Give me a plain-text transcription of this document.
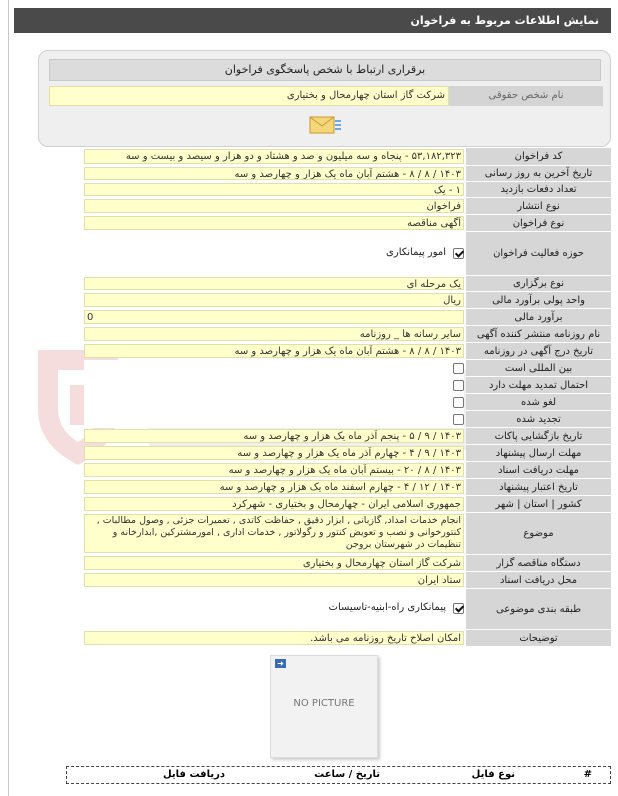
نمایش اطلاعات مربوط به فراخوان
برقراری ارتباط با شخص پاسخگوی فراخوان
نام شخص حقوقی
شرکت گاز استان چهارمحال و بختیاری
کد فراخوان
۵۳,۱۸۲,۳۲۳ - پنجاه و سه میلیون و صد و هشتاد و دو هزار و سیصد و بیست و سه
تاریخ آخرین به روز رسانی
۱۴۰۳ / ۸ / ۸ - هشتم آبان ماه یک هزار و چهارصد و سه
تعداد دفعات بازدید
۱ - یک
نوع انتشار
فراخوان
نوع فراخوان
آگهی مناقصه
حوزه فعالیت فراخوان
امور پیمانکاری
نوع برگزاری
یک مرحله ای
واحد پولی برآورد مالی
ریال
برآورد مالی
0
نام روزنامه منتشر کننده آگهی
سایر رسانه ها _ روزنامه
تاریخ درج آگهی در روزنامه
۱۴۰۳ / ۸ / ۸ - هشتم آبان ماه یک هزار و چهارصد و سه
بین المللی است
احتمال تمدید مهلت دارد
لغو شده
تجدید شده
تاریخ بازگشایی پاکات
۱۴۰۳ / ۹ / ۵ - پنجم آذر ماه یک هزار و چهارصد و سه
مهلت ارسال پیشنهاد
۱۴۰۳ / ۹ / ۴ - چهارم آذر ماه یک هزار و چهارصد و سه
مهلت دریافت اسناد
۱۴۰۳ / ۸ / ۲۰ - بیستم آبان ماه یک هزار و چهارصد و سه
تاریخ اعتبار پیشنهاد
۱۴۰۳ / ۱۲ / ۴ - چهارم اسفند ماه یک هزار و چهارصد و سه
کشور | استان | شهر
جمهوری اسلامی ایران - چهارمحال و بختیاری - شهرکرد
موضوع
انجام خدمات امداد, گازبانی , ابزار دقیق , حفاظت کاتدی , تعمیرات جزئی , وصول مطالبات , کنتورخوانی و نصب و تعویض کنتور و رگولاتور , خدمات اداری , امورمشترکین ,ابدارخانه و تنظیمات در شهرستان بروجن
دستگاه مناقصه گزار
شرکت گاز استان چهارمحال و بختیاری
محل دریافت اسناد
ستاد ایران
طبقه بندی موضوعی
پیمانکاری راه-ابنیه-تاسیسات
توضیحات
امکان اصلاح تاریخ روزنامه می باشد.
➜
NO PICTURE
#
نوع فایل
تاریخ / ساعت
دریافت فایل
